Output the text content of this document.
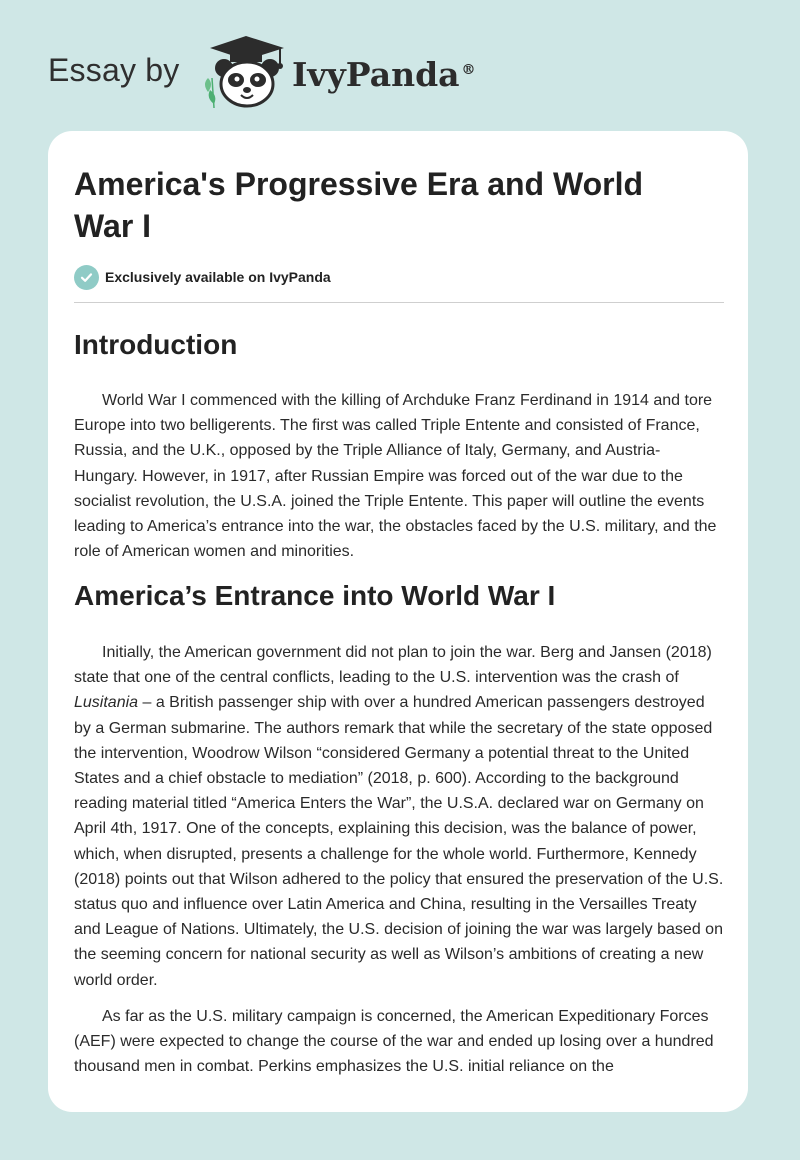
Essay by	IvyPanda ®
America's Progressive Era and World War I
Exclusively available on IvyPanda
Introduction

World War I commenced with the killing of Archduke Franz Ferdinand in 1914 and tore Europe into two belligerents. The first was called Triple Entente and consisted of France, Russia, and the U.K., opposed by the Triple Alliance of Italy, Germany, and Austria-Hungary. However, in 1917, after Russian Empire was forced out of the war due to the socialist revolution, the U.S.A. joined the Triple Entente. This paper will outline the events leading to America’s entrance into the war, the obstacles faced by the U.S. military, and the role of American women and minorities.

America’s Entrance into World War I

Initially, the American government did not plan to join the war. Berg and Jansen (2018) state that one of the central conflicts, leading to the U.S. intervention was the crash of Lusitania – a British passenger ship with over a hundred American passengers destroyed by a German submarine. The authors remark that while the secretary of the state opposed the intervention, Woodrow Wilson “considered Germany a potential threat to the United States and a chief obstacle to mediation” (2018, p. 600). According to the background reading material titled “America Enters the War”, the U.S.A. declared war on Germany on April 4th, 1917. One of the concepts, explaining this decision, was the balance of power, which, when disrupted, presents a challenge for the whole world. Furthermore, Kennedy (2018) points out that Wilson adhered to the policy that ensured the preservation of the U.S. status quo and influence over Latin America and China, resulting in the Versailles Treaty and League of Nations. Ultimately, the U.S. decision of joining the war was largely based on the seeming concern for national security as well as Wilson’s ambitions of creating a new world order.

As far as the U.S. military campaign is concerned, the American Expeditionary Forces (AEF) were expected to change the course of the war and ended up losing over a hundred thousand men in combat. Perkins emphasizes the U.S. initial reliance on the
